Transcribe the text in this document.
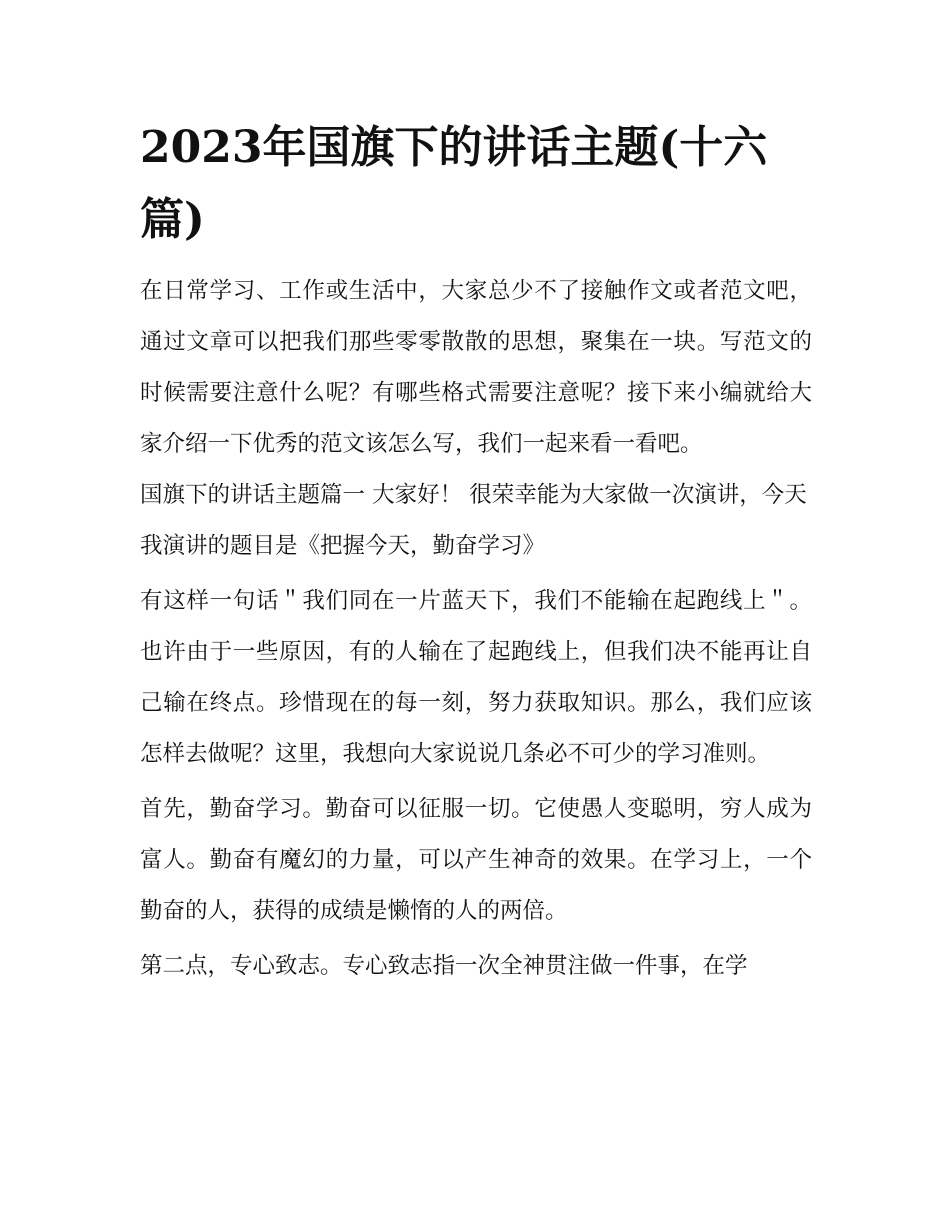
2023年国旗下的讲话主题(十六篇)

在日常学习、工作或生活中，大家总少不了接触作文或者范文吧，通过文章可以把我们那些零零散散的思想，聚集在一块。写范文的时候需要注意什么呢？有哪些格式需要注意呢？接下来小编就给大家介绍一下优秀的范文该怎么写，我们一起来看一看吧。

国旗下的讲话主题篇一 大家好！ 很荣幸能为大家做一次演讲，今天我演讲的题目是《把握今天，勤奋学习》

有这样一句话＂我们同在一片蓝天下，我们不能输在起跑线上＂。也许由于一些原因，有的人输在了起跑线上，但我们决不能再让自己输在终点。珍惜现在的每一刻，努力获取知识。那么，我们应该怎样去做呢？这里，我想向大家说说几条必不可少的学习准则。

首先，勤奋学习。勤奋可以征服一切。它使愚人变聪明，穷人成为富人。勤奋有魔幻的力量，可以产生神奇的效果。在学习上，一个勤奋的人，获得的成绩是懒惰的人的两倍。

第二点，专心致志。专心致志指一次全神贯注做一件事，在学
